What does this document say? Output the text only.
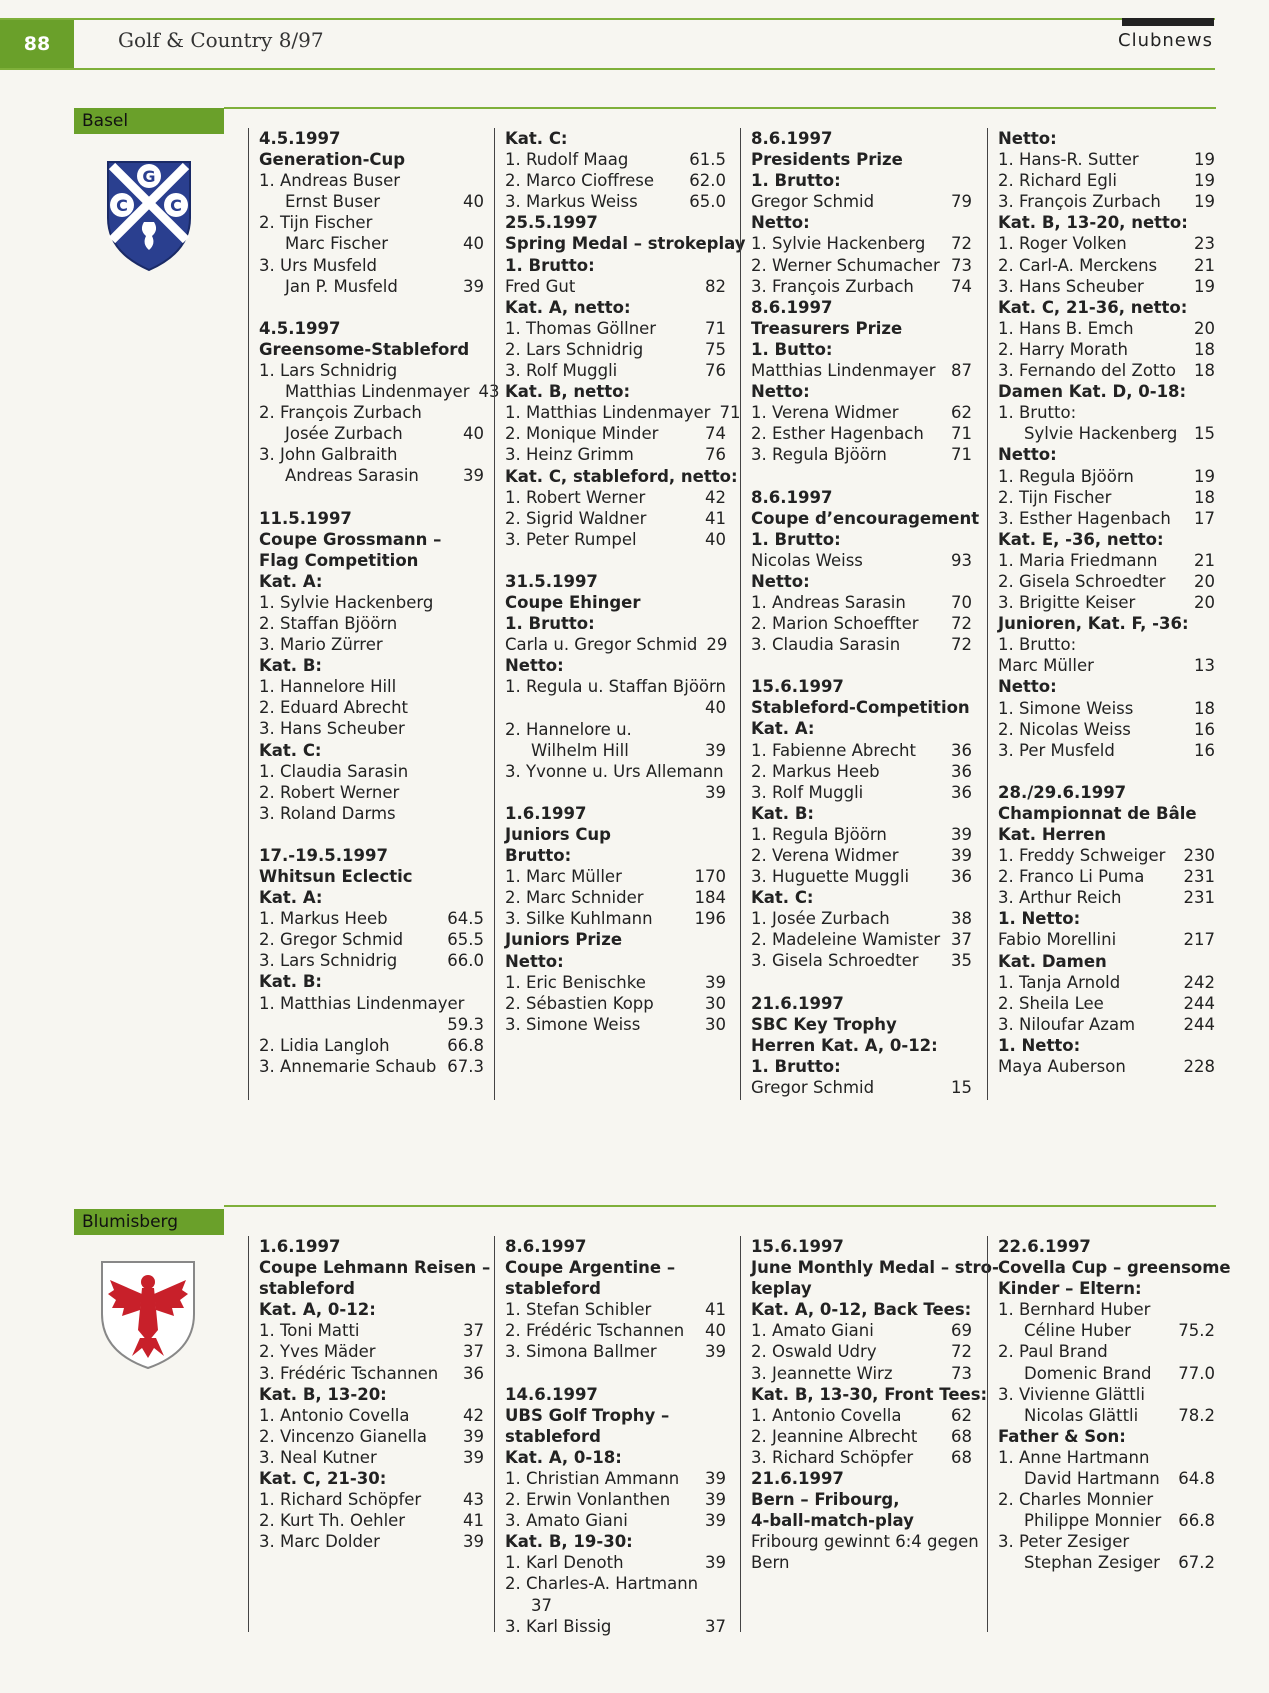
88	Golf & Country 8/97	Clubnews
Basel
G
C	C
4.5.1997
Generation-Cup
1. Andreas Buser
Ernst Buser	40
2. Tijn Fischer
Marc Fischer	40
3. Urs Musfeld
Jan P. Musfeld	39
4.5.1997
Greensome-Stableford
1. Lars Schnidrig
Matthias Lindenmayer 43
2. François Zurbach
Josée Zurbach	40
3. John Galbraith
Andreas Sarasin	39
11.5.1997
Coupe Grossmann –
Flag Competition
Kat. A:
1. Sylvie Hackenberg
2. Staffan Bjöörn
3. Mario Zürrer
Kat. B:
1. Hannelore Hill
2. Eduard Abrecht
3. Hans Scheuber
Kat. C:
1. Claudia Sarasin
2. Robert Werner
3. Roland Darms
17.-19.5.1997
Whitsun Eclectic
Kat. A:
1. Markus Heeb	64.5
2. Gregor Schmid	65.5
3. Lars Schnidrig	66.0
Kat. B:
1. Matthias Lindenmayer
59.3
2. Lidia Langloh	66.8
3. Annemarie Schaub 67.3
Kat. C:
1. Rudolf Maag	61.5
2. Marco Cioffrese	62.0
3. Markus Weiss	65.0
25.5.1997
Spring Medal – strokeplay
1. Brutto:
Fred Gut	82
Kat. A, netto:
1. Thomas Göllner	71
2. Lars Schnidrig	75
3. Rolf Muggli	76
Kat. B, netto:
1. Matthias Lindenmayer 71
2. Monique Minder	74
3. Heinz Grimm	76
Kat. C, stableford, netto:
1. Robert Werner	42
2. Sigrid Waldner	41
3. Peter Rumpel	40
31.5.1997
Coupe Ehinger
1. Brutto:
Carla u. Gregor Schmid 29
Netto:
1. Regula u. Staffan Bjöörn
40
2. Hannelore u.
Wilhelm Hill	39
3. Yvonne u. Urs Allemann
39
1.6.1997
Juniors Cup
Brutto:
1. Marc Müller	170
2. Marc Schnider	184
3. Silke Kuhlmann	196
Juniors Prize
Netto:
1. Eric Benischke	39
2. Sébastien Kopp	30
3. Simone Weiss	30
8.6.1997
Presidents Prize
1. Brutto:
Gregor Schmid	79
Netto:
1. Sylvie Hackenberg	72
2. Werner Schumacher 73
3. François Zurbach	74
8.6.1997
Treasurers Prize
1. Butto:
Matthias Lindenmayer 87
Netto:
1. Verena Widmer	62
2. Esther Hagenbach	71
3. Regula Bjöörn	71
8.6.1997
Coupe d’encouragement
1. Brutto:
Nicolas Weiss	93
Netto:
1. Andreas Sarasin	70
2. Marion Schoeffter	72
3. Claudia Sarasin	72
15.6.1997
Stableford-Competition
Kat. A:
1. Fabienne Abrecht	36
2. Markus Heeb	36
3. Rolf Muggli	36
Kat. B:
1. Regula Bjöörn	39
2. Verena Widmer	39
3. Huguette Muggli	36
Kat. C:
1. Josée Zurbach	38
2. Madeleine Wamister 37
3. Gisela Schroedter	35
21.6.1997
SBC Key Trophy
Herren Kat. A, 0-12:
1. Brutto:
Gregor Schmid	15
Netto:
1. Hans-R. Sutter	19
2. Richard Egli	19
3. François Zurbach	19
Kat. B, 13-20, netto:
1. Roger Volken	23
2. Carl-A. Merckens	21
3. Hans Scheuber	19
Kat. C, 21-36, netto:
1. Hans B. Emch	20
2. Harry Morath	18
3. Fernando del Zotto	18
Damen Kat. D, 0-18:
1. Brutto:
Sylvie Hackenberg	15
Netto:
1. Regula Bjöörn	19
2. Tijn Fischer	18
3. Esther Hagenbach	17
Kat. E, -36, netto:
1. Maria Friedmann	21
2. Gisela Schroedter	20
3. Brigitte Keiser	20
Junioren, Kat. F, -36:
1. Brutto:
Marc Müller	13
Netto:
1. Simone Weiss	18
2. Nicolas Weiss	16
3. Per Musfeld	16
28./29.6.1997
Championnat de Bâle
Kat. Herren
1. Freddy Schweiger	230
2. Franco Li Puma	231
3. Arthur Reich	231
1. Netto:
Fabio Morellini	217
Kat. Damen
1. Tanja Arnold	242
2. Sheila Lee	244
3. Niloufar Azam	244
1. Netto:
Maya Auberson	228
Blumisberg
1.6.1997
Coupe Lehmann Reisen –
stableford
Kat. A, 0-12:
1. Toni Matti	37
2. Yves Mäder	37
3. Frédéric Tschannen	36
Kat. B, 13-20:
1. Antonio Covella	42
2. Vincenzo Gianella	39
3. Neal Kutner	39
Kat. C, 21-30:
1. Richard Schöpfer	43
2. Kurt Th. Oehler	41
3. Marc Dolder	39
8.6.1997
Coupe Argentine –
stableford
1. Stefan Schibler	41
2. Frédéric Tschannen	40
3. Simona Ballmer	39
14.6.1997
UBS Golf Trophy –
stableford
Kat. A, 0-18:
1. Christian Ammann	39
2. Erwin Vonlanthen	39
3. Amato Giani	39
Kat. B, 19-30:
1. Karl Denoth	39
2. Charles-A. Hartmann
37
3. Karl Bissig	37
15.6.1997
June Monthly Medal – stro-
keplay
Kat. A, 0-12, Back Tees:
1. Amato Giani	69
2. Oswald Udry	72
3. Jeannette Wirz	73
Kat. B, 13-30, Front Tees:
1. Antonio Covella	62
2. Jeannine Albrecht	68
3. Richard Schöpfer	68
21.6.1997
Bern – Fribourg,
4-ball-match-play
Fribourg gewinnt 6:4 gegen
Bern
22.6.1997
Covella Cup – greensome
Kinder – Eltern:
1. Bernhard Huber
Céline Huber	75.2
2. Paul Brand
Domenic Brand	77.0
3. Vivienne Glättli
Nicolas Glättli	78.2
Father & Son:
1. Anne Hartmann
David Hartmann	64.8
2. Charles Monnier
Philippe Monnier	66.8
3. Peter Zesiger
Stephan Zesiger	67.2
